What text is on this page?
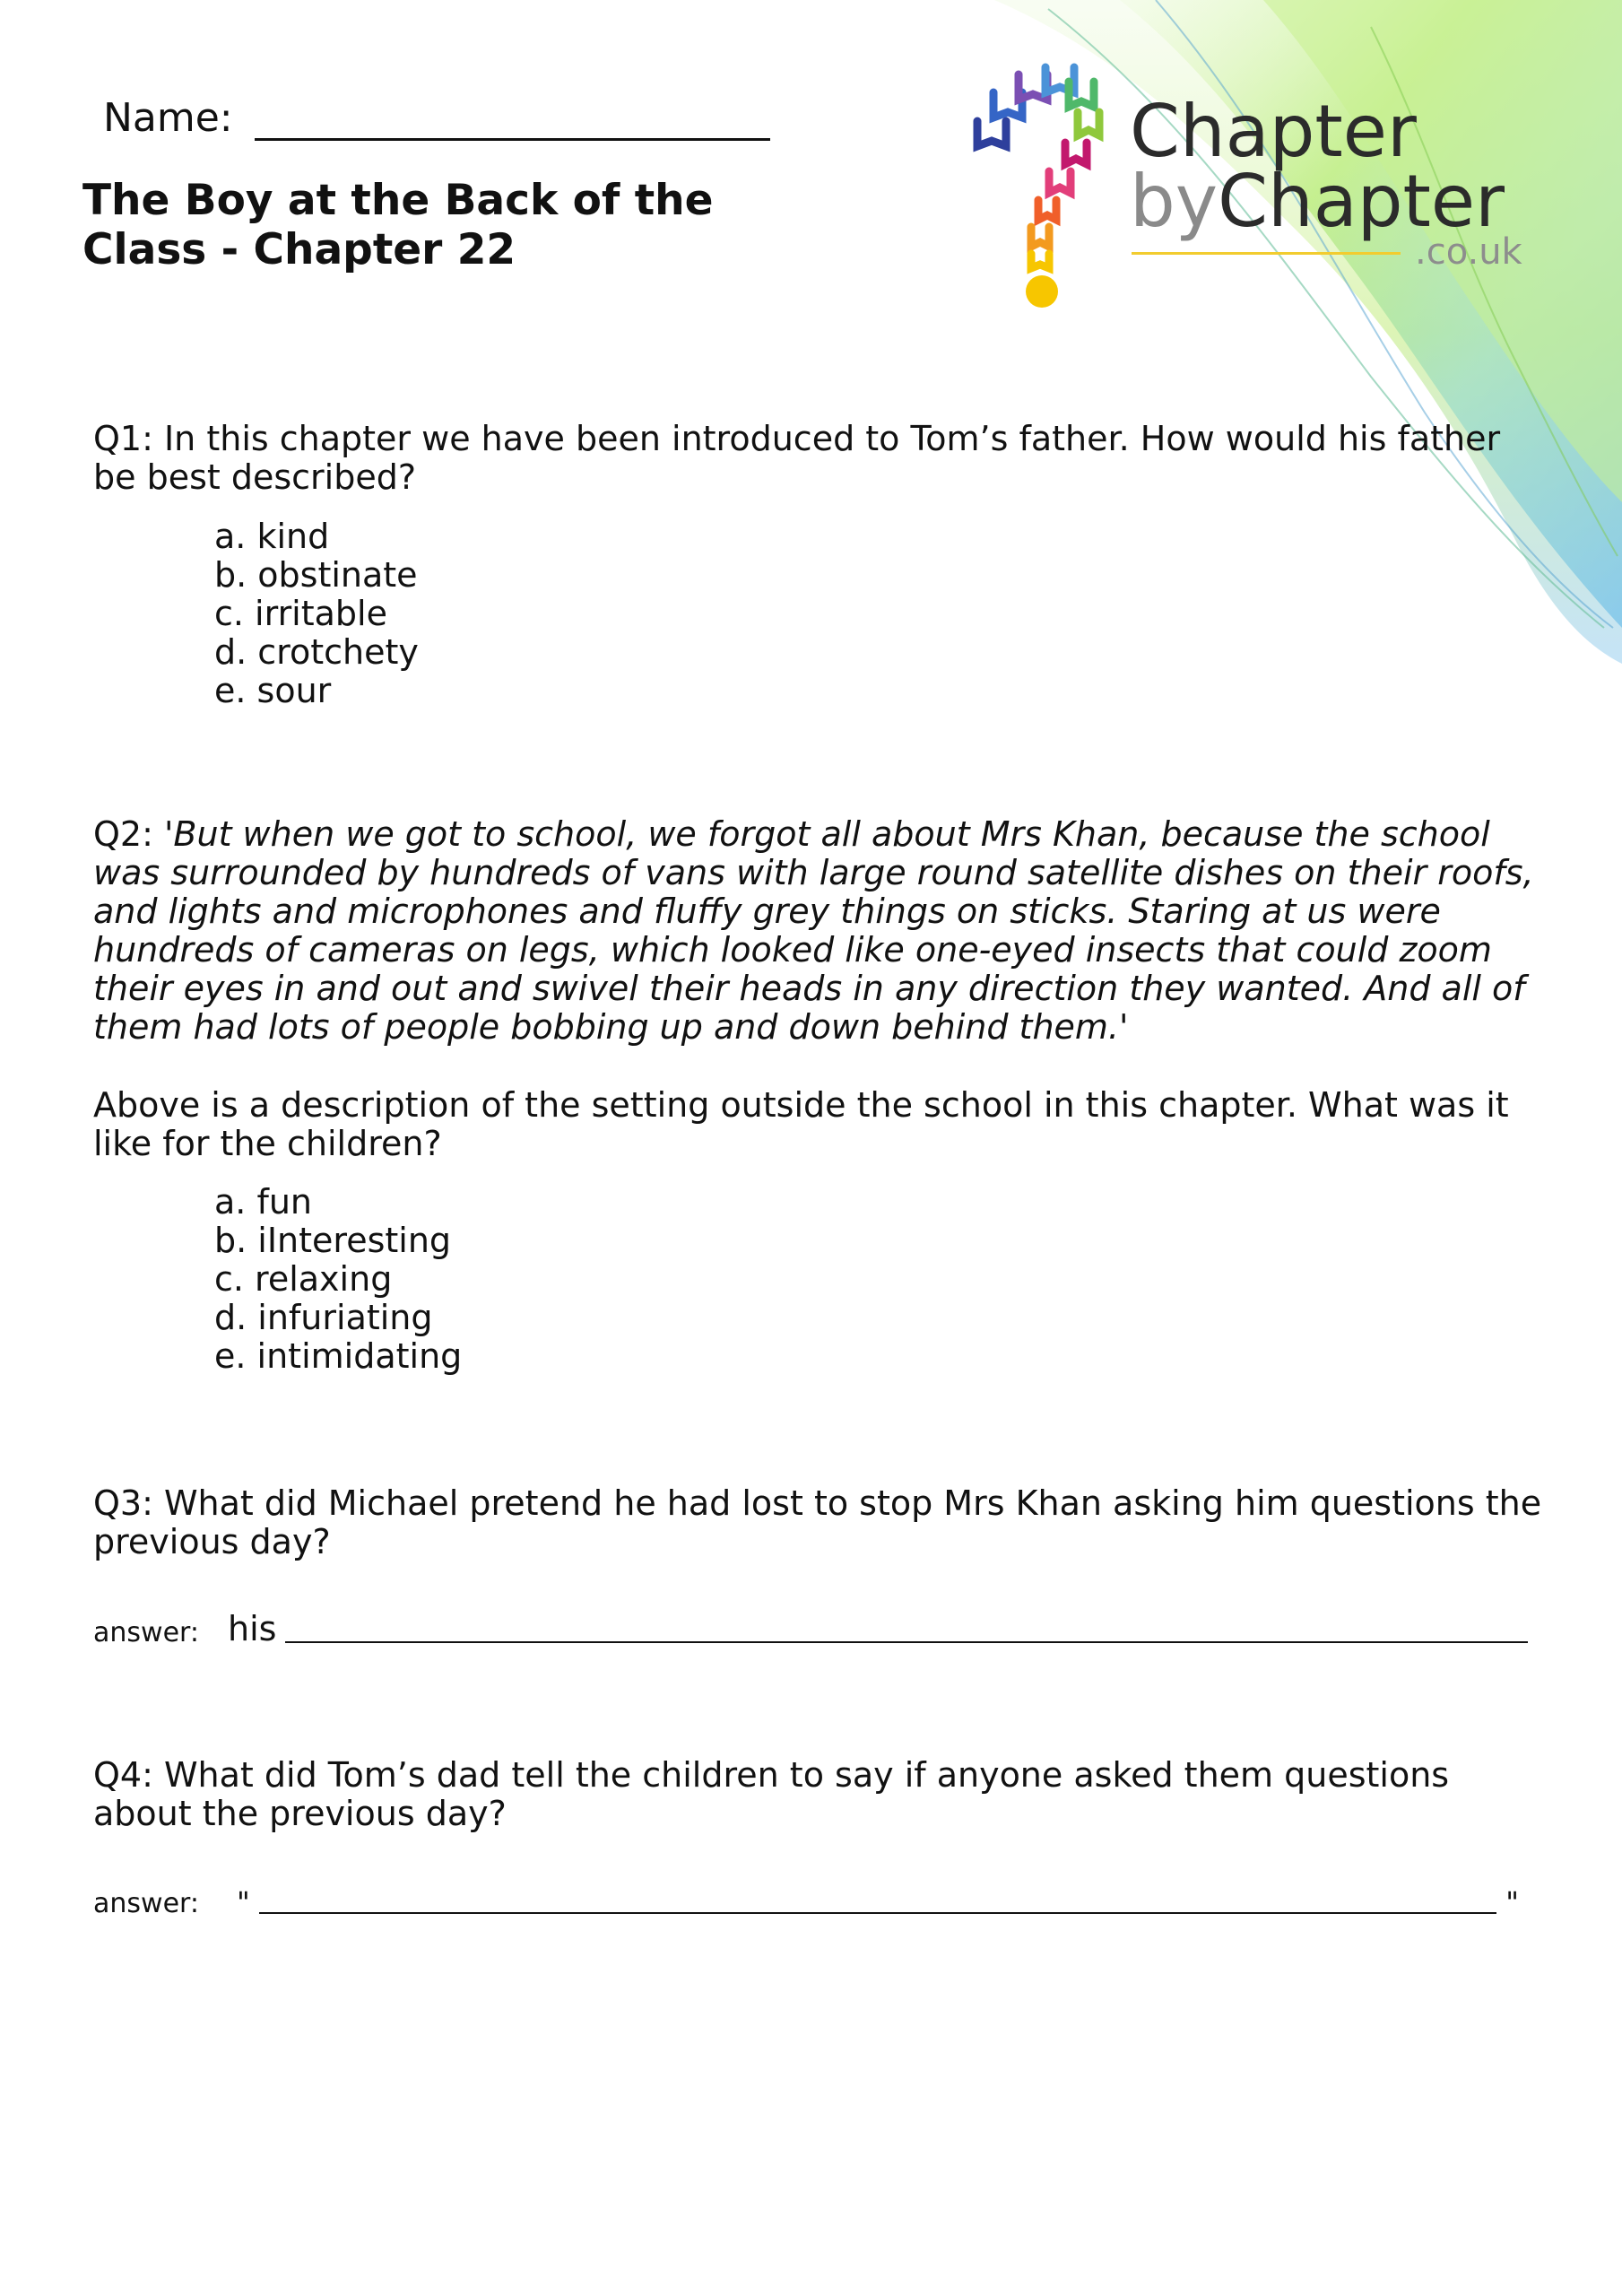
Name:
The Boy at the Back of the Class - Chapter 22
Chapter
byChapter
.co.uk
Q1: In this chapter we have been introduced to Tom’s father. How would his father be best described?
a. kind
b. obstinate
c. irritable
d. crotchety
e. sour
Q2: 'But when we got to school, we forgot all about Mrs Khan, because the school was surrounded by hundreds of vans with large round satellite dishes on their roofs, and lights and microphones and fluffy grey things on sticks. Staring at us were hundreds of cameras on legs, which looked like one-eyed insects that could zoom their eyes in and out and swivel their heads in any direction they wanted. And all of them had lots of people bobbing up and down behind them.'
Above is a description of the setting outside the school in this chapter. What was it like for the children?
a. fun
b. iInteresting
c. relaxing
d. infuriating
e. intimidating
Q3: What did Michael pretend he had lost to stop Mrs Khan asking him questions the previous day?
answer: his
Q4: What did Tom’s dad tell the children to say if anyone asked them questions about the previous day?
answer:	"	"
